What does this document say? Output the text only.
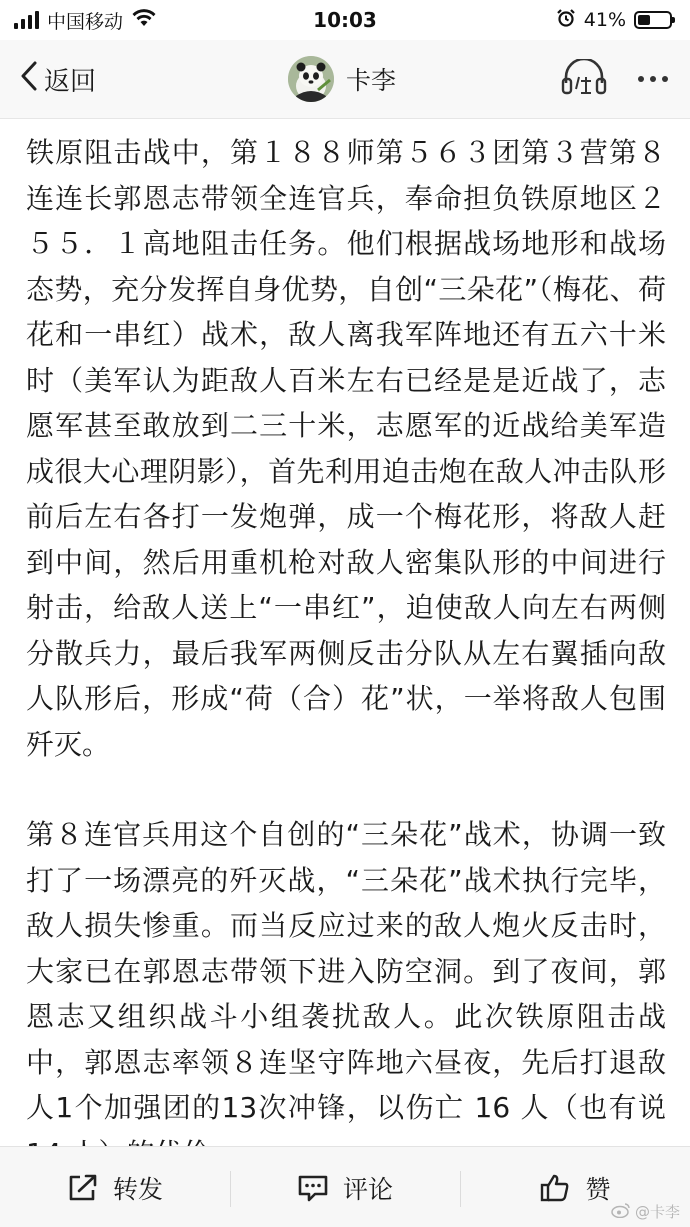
中国移动	10:03	41%
返回	卡李

铁原阻击战中，第１８８师第５６３团第３营第８连连长郭恩志带领全连官兵，奉命担负铁原地区２５５．１高地阻击任务。他们根据战场地形和战场态势，充分发挥自身优势，自创“三朵花”（梅花、荷花和一串红）战术，敌人离我军阵地还有五六十米时（美军认为距敌人百米左右已经是是近战了，志愿军甚至敢放到二三十米，志愿军的近战给美军造成很大心理阴影），首先利用迫击炮在敌人冲击队形前后左右各打一发炮弹，成一个梅花形，将敌人赶到中间，然后用重机枪对敌人密集队形的中间进行射击，给敌人送上“一串红”，迫使敌人向左右两侧分散兵力，最后我军两侧反击分队从左右翼插向敌人队形后，形成“荷（合）花”状，一举将敌人包围歼灭。

第８连官兵用这个自创的“三朵花”战术，协调一致打了一场漂亮的歼灭战，“三朵花”战术执行完毕，敌人损失惨重。而当反应过来的敌人炮火反击时，大家已在郭恩志带领下进入防空洞。到了夜间，郭恩志又组织战斗小组袭扰敌人。此次铁原阻击战中，郭恩志率领８连坚守阵地六昼夜，先后打退敌人1个加强团的13次冲锋，以伤亡 16 人（也有说

转发	评论	赞
@卡李
